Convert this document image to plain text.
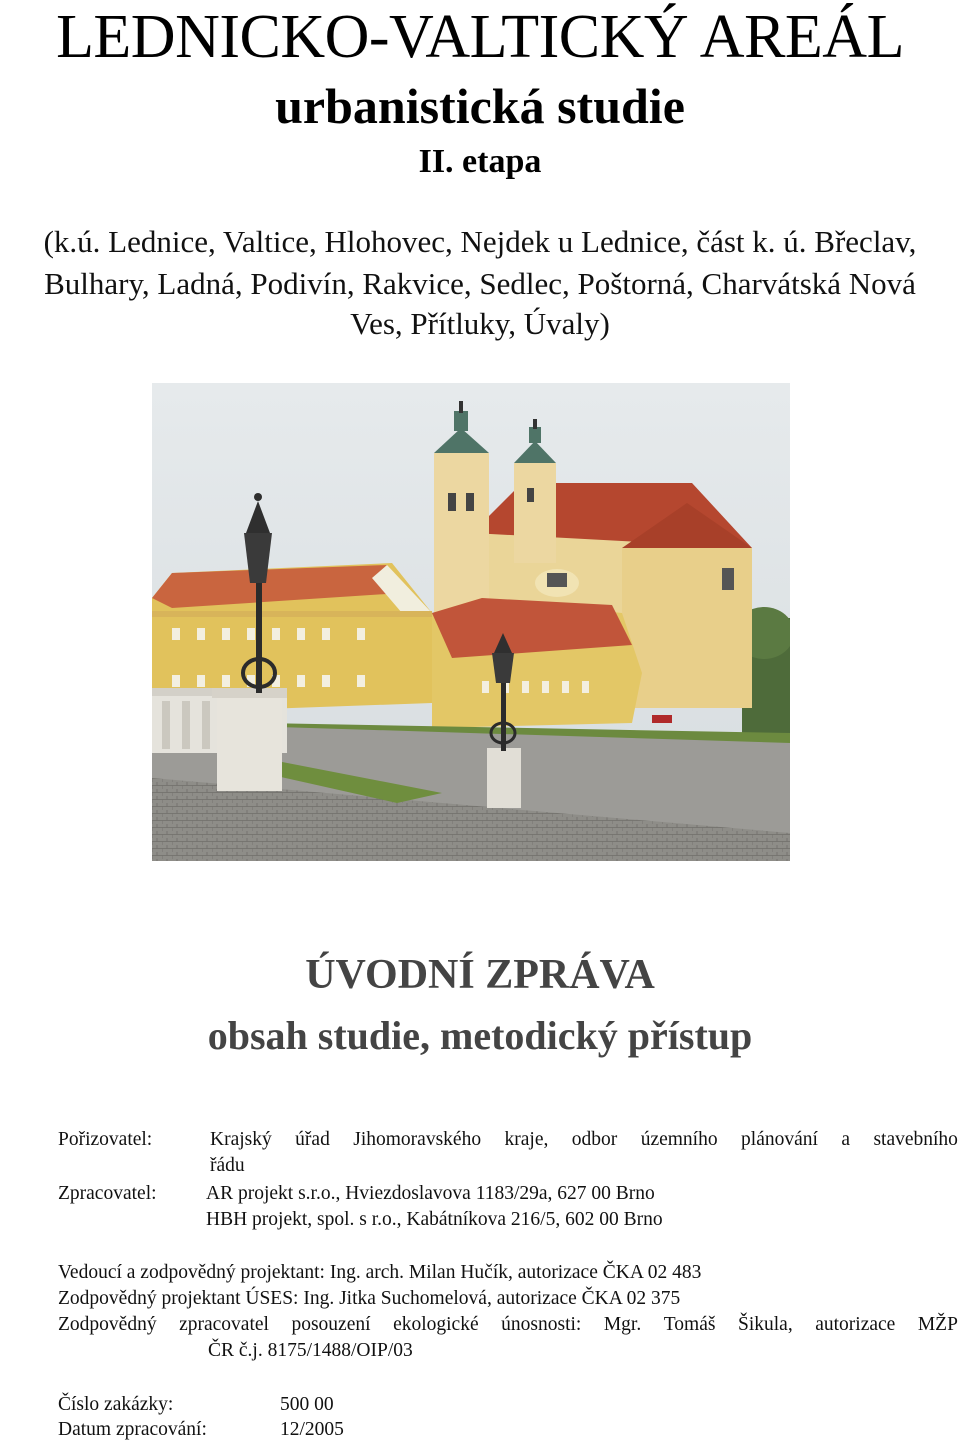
LEDNICKO-VALTICKÝ AREÁL
urbanistická studie
II. etapa
(k.ú. Lednice, Valtice, Hlohovec, Nejdek u Lednice, část k. ú. Břeclav,
Bulhary, Ladná, Podivín, Rakvice, Sedlec, Poštorná, Charvátská Nová
Ves, Přítluky, Úvaly)
ÚVODNÍ ZPRÁVA
obsah studie, metodický přístup
Pořizovatel:	Krajský úřad Jihomoravského kraje, odbor územního plánování a stavebního
řádu
Zpracovatel:	AR projekt s.r.o., Hviezdoslavova 1183/29a, 627 00 Brno
HBH projekt, spol. s r.o., Kabátníkova 216/5, 602 00 Brno
Vedoucí a zodpovědný projektant: Ing. arch. Milan Hučík, autorizace ČKA 02 483
Zodpovědný projektant ÚSES: Ing. Jitka Suchomelová, autorizace ČKA 02 375
Zodpovědný zpracovatel posouzení ekologické únosnosti: Mgr. Tomáš Šikula, autorizace MŽP
ČR č.j. 8175/1488/OIP/03
Číslo zakázky:	500 00
Datum zpracování:	12/2005
